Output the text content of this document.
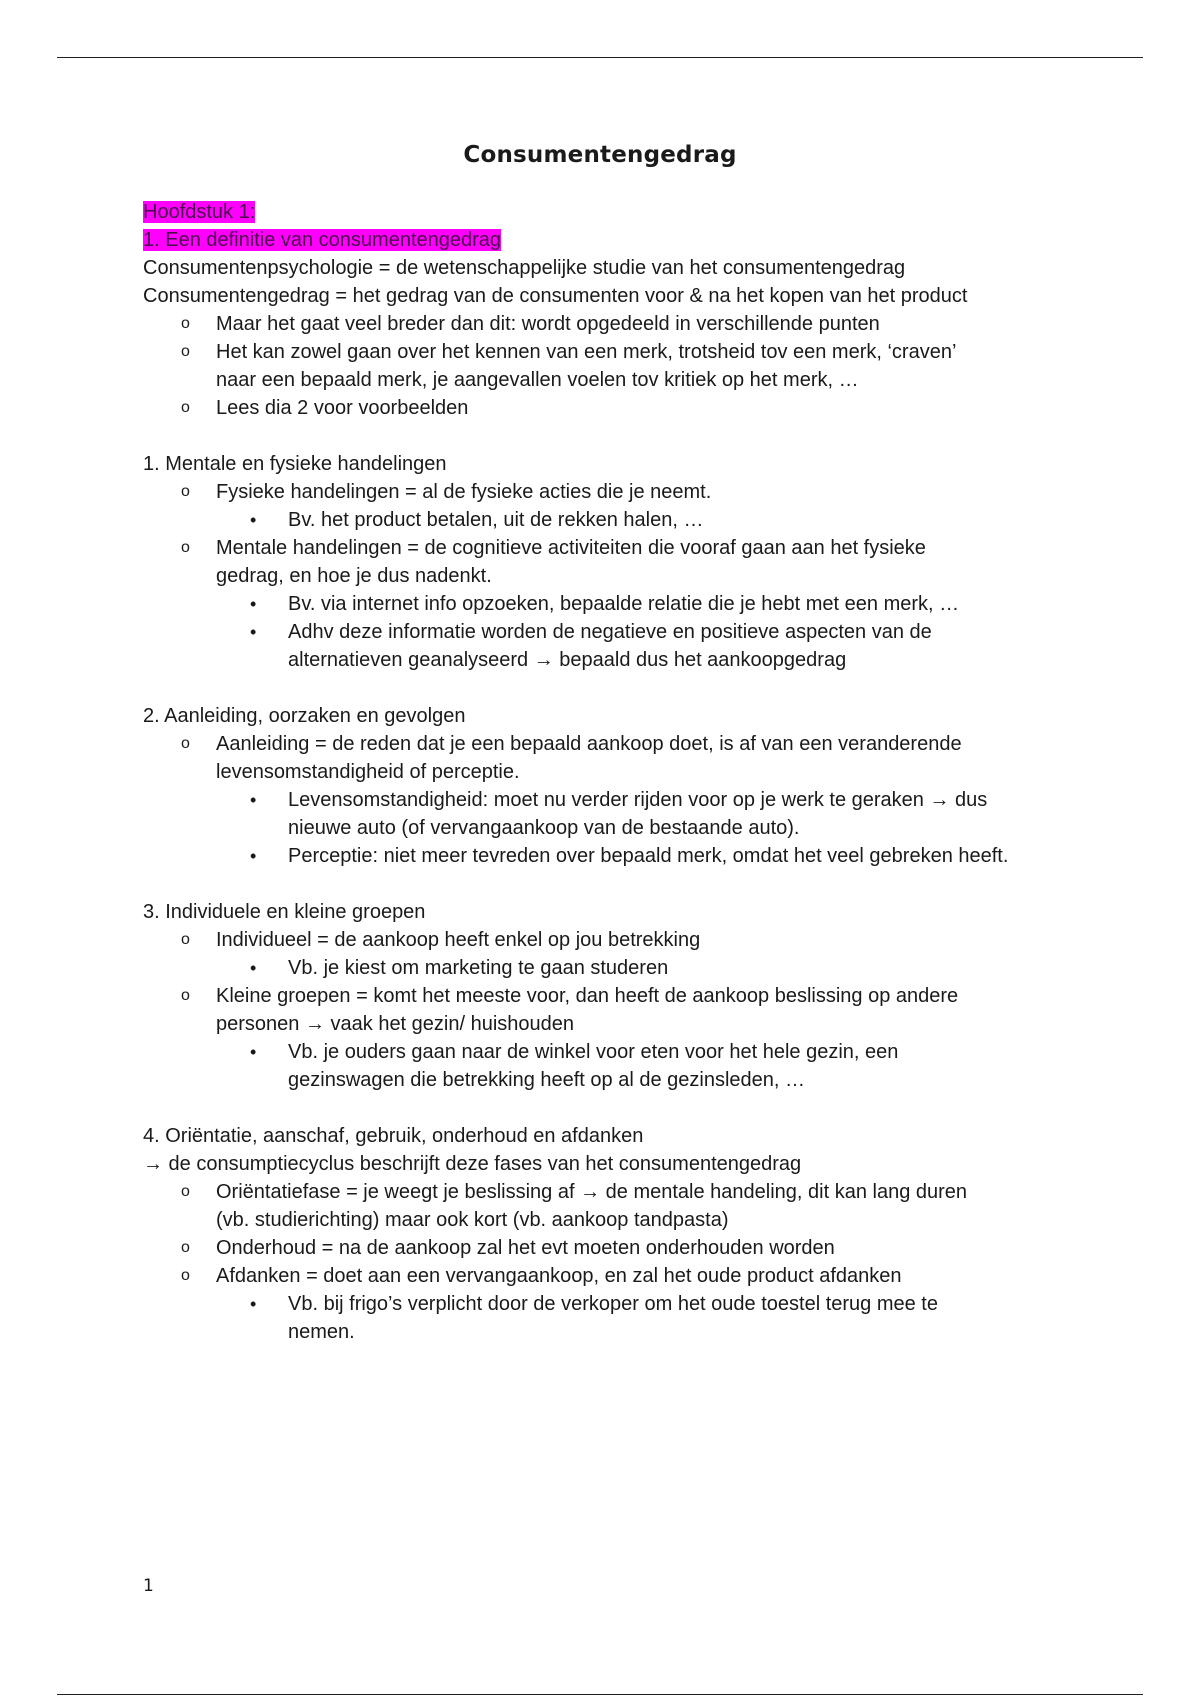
Consumentengedrag
Hoofdstuk 1:
1. Een definitie van consumentengedrag
Consumentenpsychologie = de wetenschappelijke studie van het consumentengedrag
Consumentengedrag = het gedrag van de consumenten voor & na het kopen van het product
o Maar het gaat veel breder dan dit: wordt opgedeeld in verschillende punten
o Het kan zowel gaan over het kennen van een merk, trotsheid tov een merk, ‘craven’
naar een bepaald merk, je aangevallen voelen tov kritiek op het merk, …
o Lees dia 2 voor voorbeelden
1. Mentale en fysieke handelingen
o Fysieke handelingen = al de fysieke acties die je neemt.
• Bv. het product betalen, uit de rekken halen, …
o Mentale handelingen = de cognitieve activiteiten die vooraf gaan aan het fysieke
gedrag, en hoe je dus nadenkt.
• Bv. via internet info opzoeken, bepaalde relatie die je hebt met een merk, …
• Adhv deze informatie worden de negatieve en positieve aspecten van de
alternatieven geanalyseerd → bepaald dus het aankoopgedrag
2. Aanleiding, oorzaken en gevolgen
o Aanleiding = de reden dat je een bepaald aankoop doet, is af van een veranderende
levensomstandigheid of perceptie.
• Levensomstandigheid: moet nu verder rijden voor op je werk te geraken → dus
nieuwe auto (of vervangaankoop van de bestaande auto).
• Perceptie: niet meer tevreden over bepaald merk, omdat het veel gebreken heeft.
3. Individuele en kleine groepen
o Individueel = de aankoop heeft enkel op jou betrekking
• Vb. je kiest om marketing te gaan studeren
o Kleine groepen = komt het meeste voor, dan heeft de aankoop beslissing op andere
personen → vaak het gezin/ huishouden
• Vb. je ouders gaan naar de winkel voor eten voor het hele gezin, een
gezinswagen die betrekking heeft op al de gezinsleden, …
4. Oriëntatie, aanschaf, gebruik, onderhoud en afdanken
→ de consumptiecyclus beschrijft deze fases van het consumentengedrag
o Oriëntatiefase = je weegt je beslissing af → de mentale handeling, dit kan lang duren
(vb. studierichting) maar ook kort (vb. aankoop tandpasta)
o Onderhoud = na de aankoop zal het evt moeten onderhouden worden
o Afdanken = doet aan een vervangaankoop, en zal het oude product afdanken
• Vb. bij frigo’s verplicht door de verkoper om het oude toestel terug mee te
nemen.
1
